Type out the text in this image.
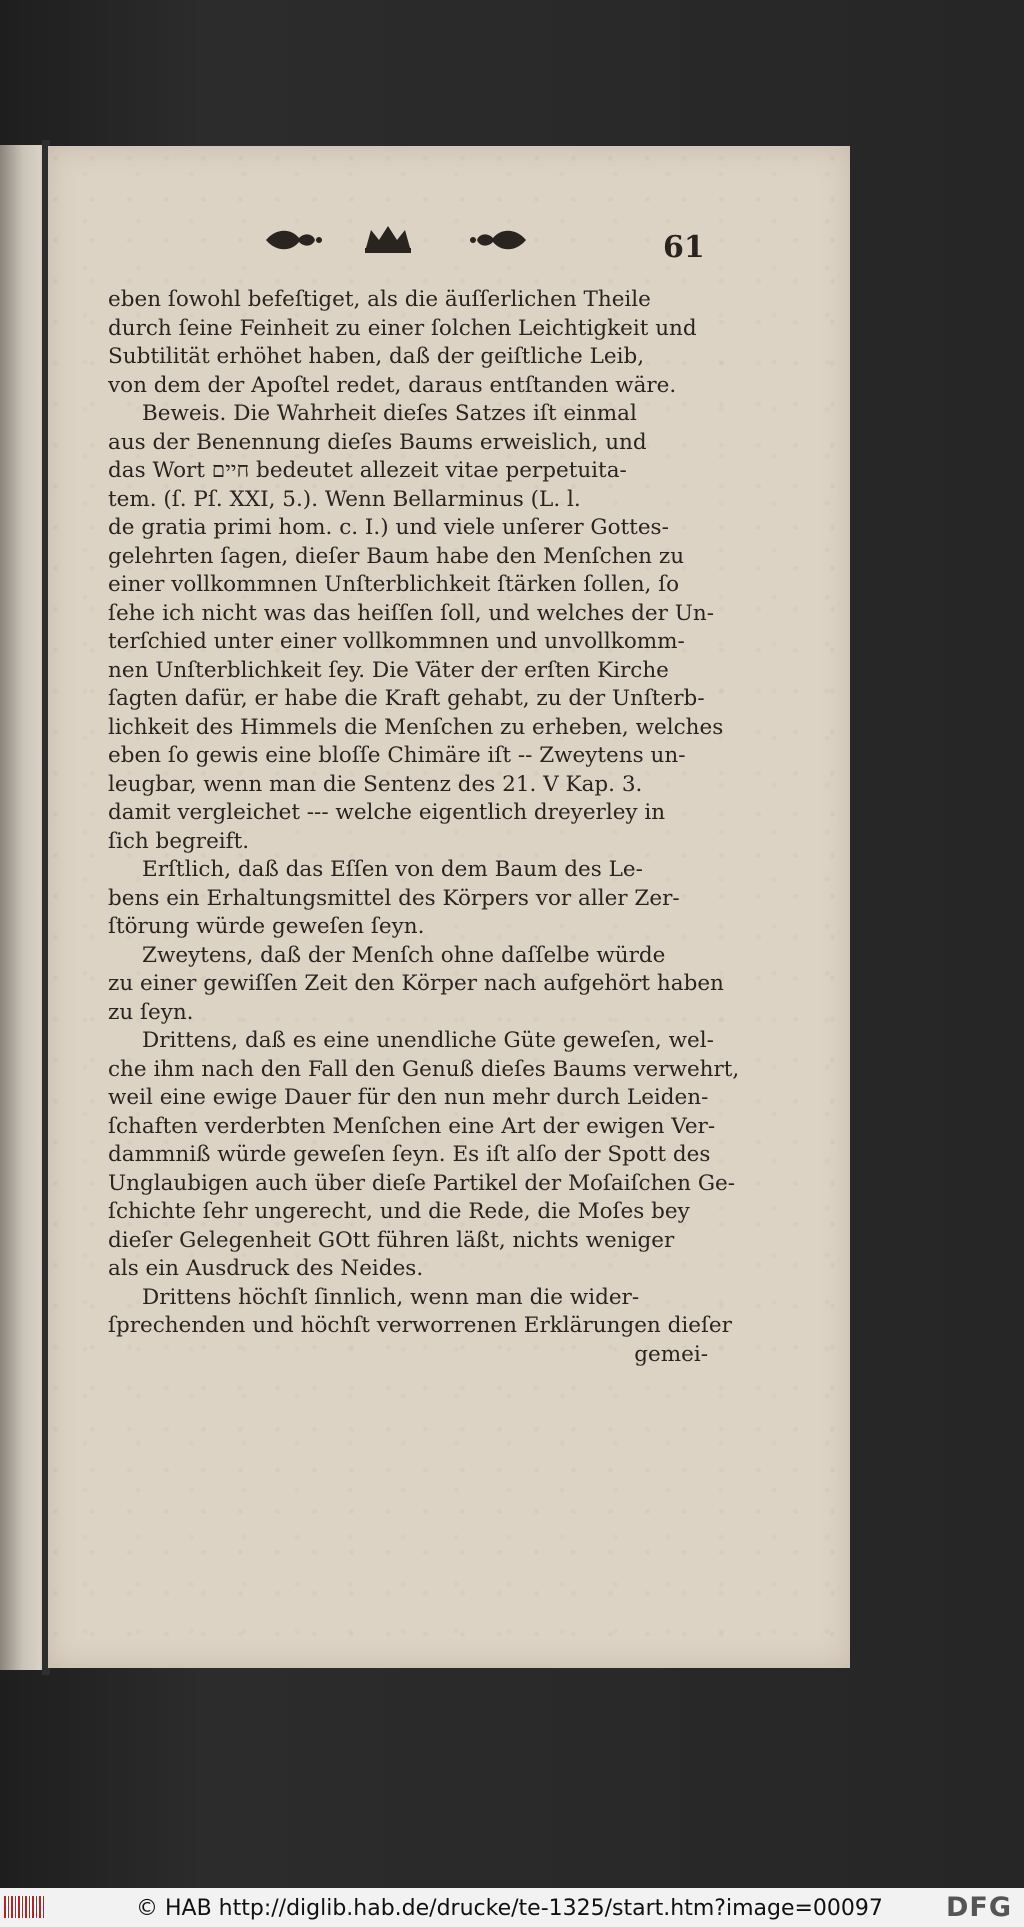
61
eben ſowohl befeſtiget, als die äuſſerlichen Theile
durch ſeine Feinheit zu einer ſolchen Leichtigkeit und
Subtilität erhöhet haben, daß der geiſtliche Leib,
von dem der Apoſtel redet, daraus entſtanden wäre.
Beweis. Die Wahrheit dieſes Satzes iſt einmal
aus der Benennung dieſes Baums erweislich, und
das Wort חיים bedeutet allezeit vitae perpetuita-
tem. (ſ. Pſ. XXI, 5.). Wenn Bellarminus (L. l.
de gratia primi hom. c. I.) und viele unſerer Gottes-
gelehrten ſagen, dieſer Baum habe den Menſchen zu
einer vollkommnen Unſterblichkeit ſtärken ſollen, ſo
ſehe ich nicht was das heiſſen ſoll, und welches der Un-
terſchied unter einer vollkommnen und unvollkomm-
nen Unſterblichkeit ſey. Die Väter der erſten Kirche
ſagten dafür, er habe die Kraft gehabt, zu der Unſterb-
lichkeit des Himmels die Menſchen zu erheben, welches
eben ſo gewis eine bloſſe Chimäre iſt -- Zweytens un-
leugbar, wenn man die Sentenz des 21. V Kap. 3.
damit vergleichet --- welche eigentlich dreyerley in
ſich begreift.
Erſtlich, daß das Eſſen von dem Baum des Le-
bens ein Erhaltungsmittel des Körpers vor aller Zer-
ſtörung würde geweſen ſeyn.
Zweytens, daß der Menſch ohne daſſelbe würde
zu einer gewiſſen Zeit den Körper nach aufgehört haben
zu ſeyn.
Drittens, daß es eine unendliche Güte geweſen, wel-
che ihm nach den Fall den Genuß dieſes Baums verwehrt,
weil eine ewige Dauer für den nun mehr durch Leiden-
ſchaften verderbten Menſchen eine Art der ewigen Ver-
dammniß würde geweſen ſeyn. Es iſt alſo der Spott des
Unglaubigen auch über dieſe Partikel der Moſaiſchen Ge-
ſchichte ſehr ungerecht, und die Rede, die Moſes bey
dieſer Gelegenheit GOtt führen läßt, nichts weniger
als ein Ausdruck des Neides.
Drittens höchſt ſinnlich, wenn man die wider-
ſprechenden und höchſt verworrenen Erklärungen dieſer
gemei-
© HAB http://diglib.hab.de/drucke/te-1325/start.htm?image=00097 DFG
